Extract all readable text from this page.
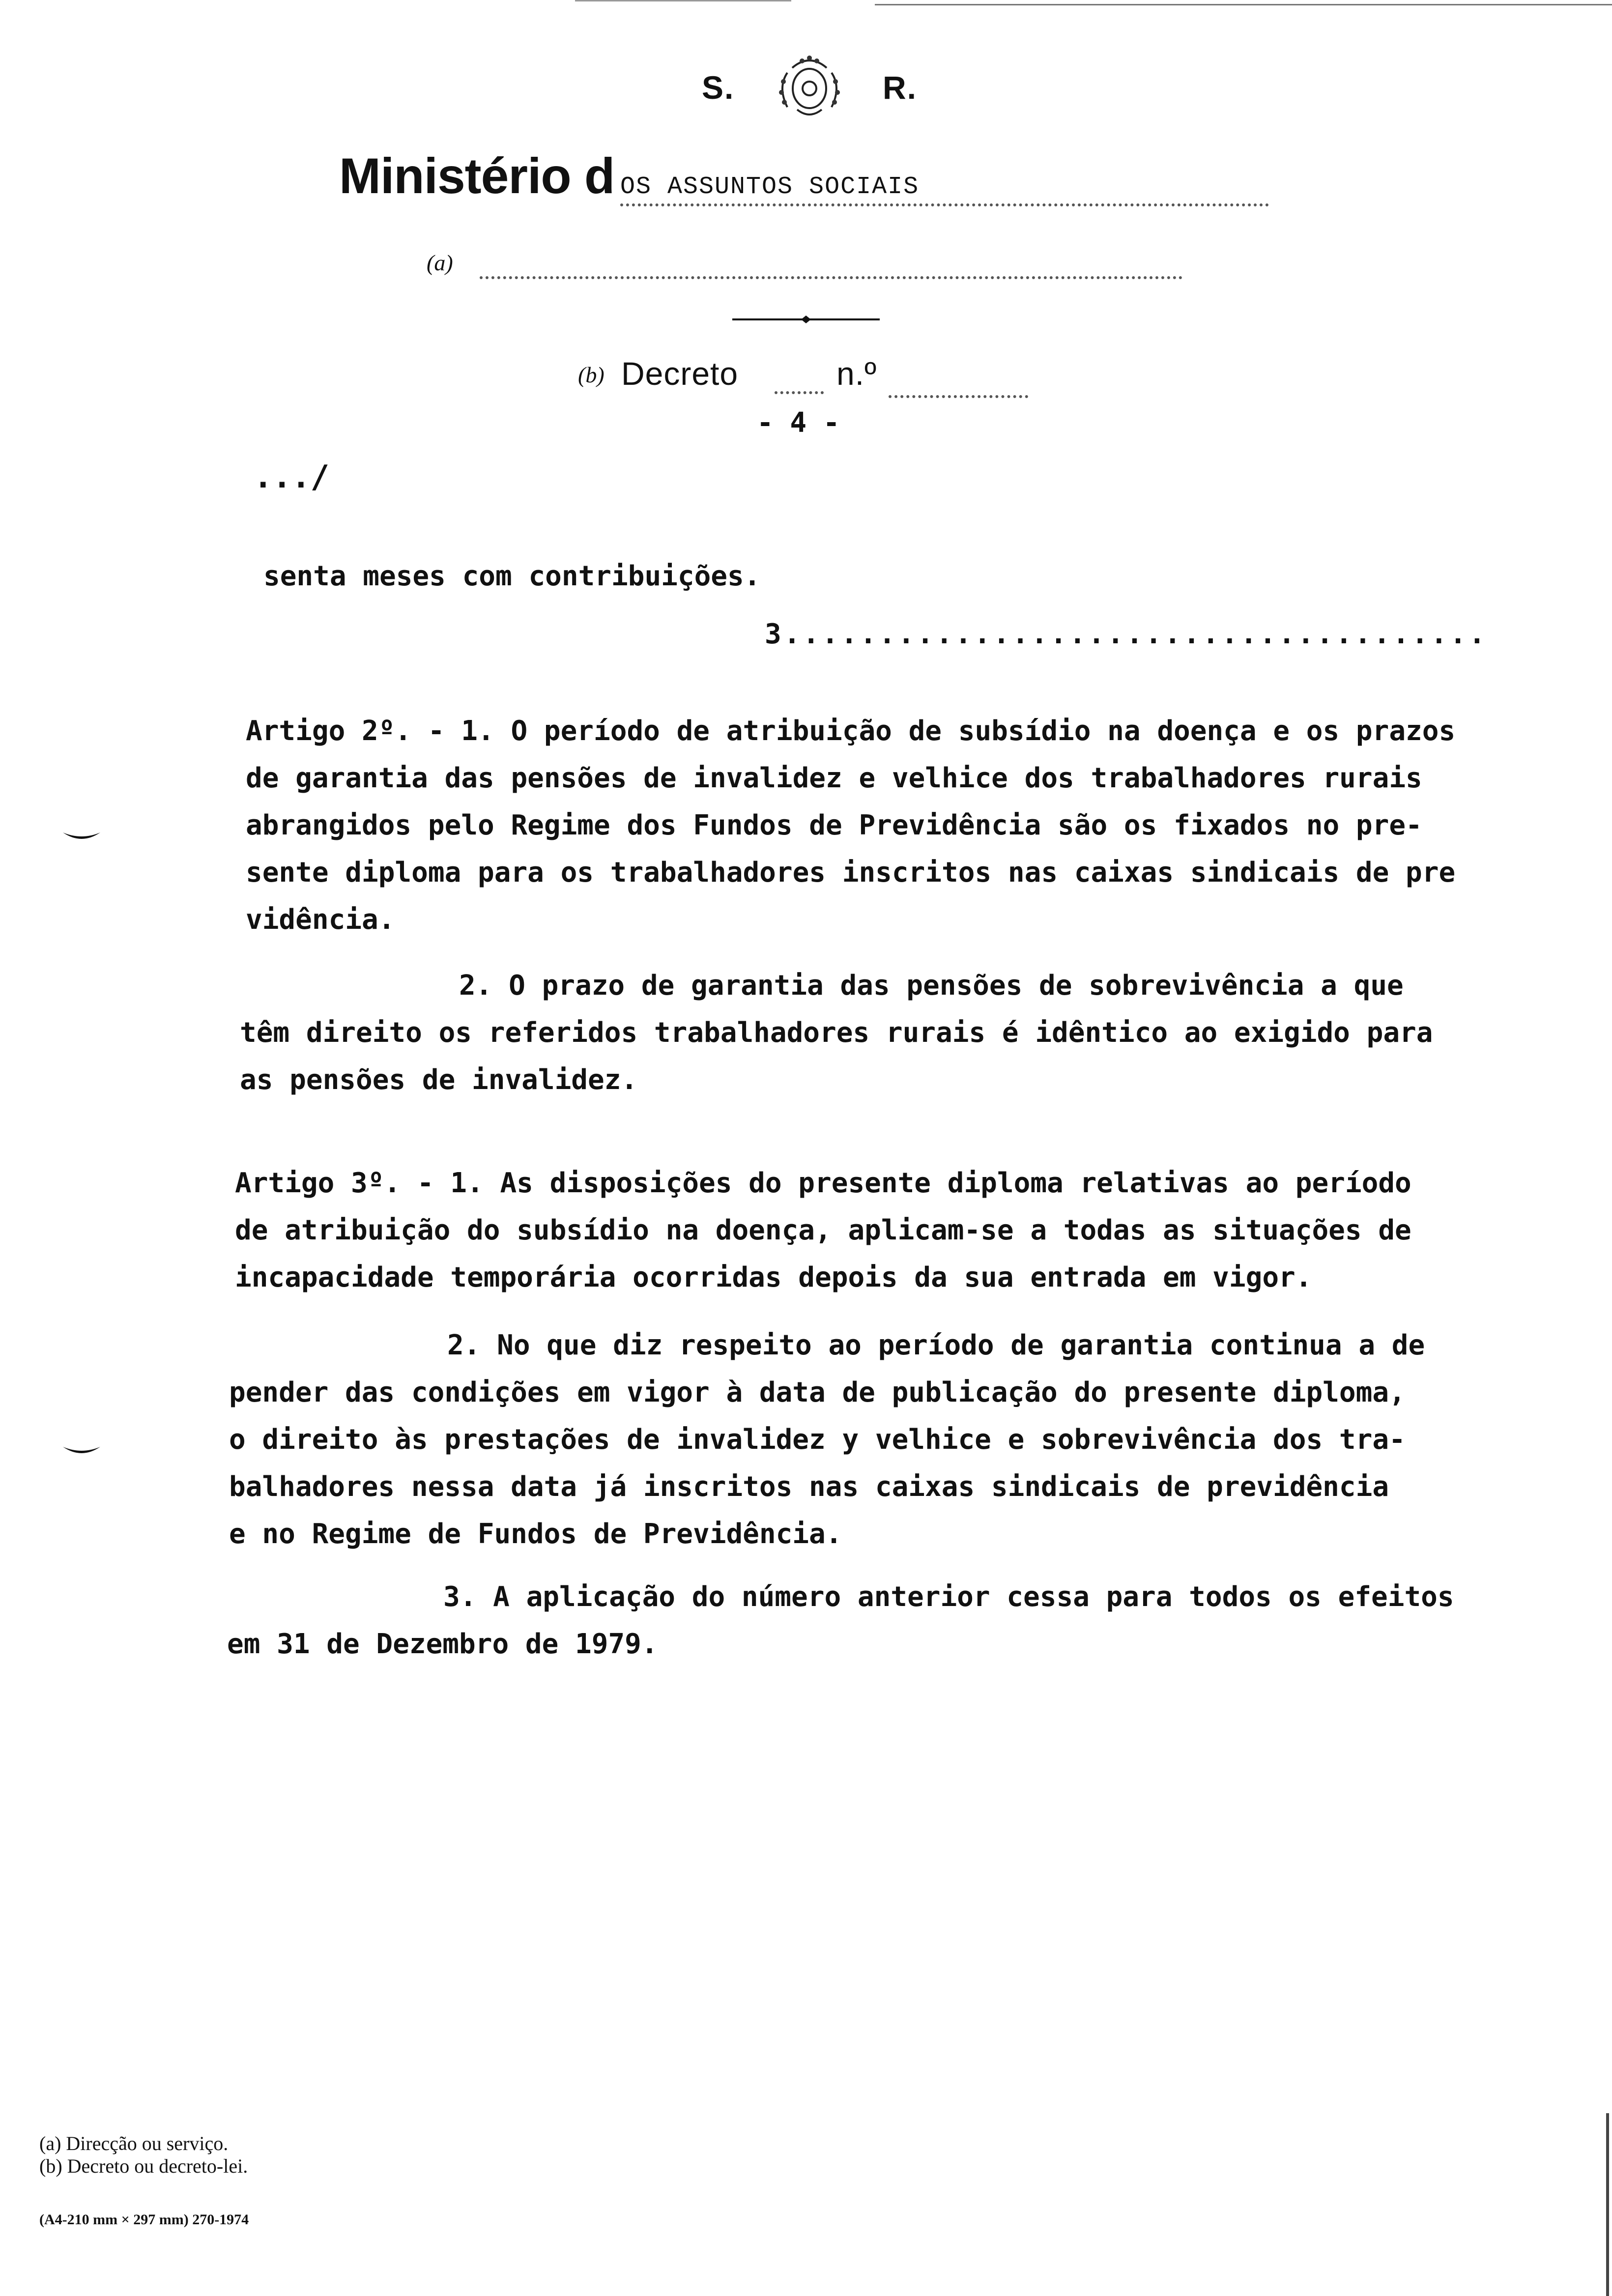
S.	R.
Ministério d OS ASSUNTOS SOCIAIS
(a)
(b) Decreto	n.º
- 4 -
.../
senta meses com contribuições.
3.....................................
Artigo 2º. - 1. O período de atribuição de subsídio na doença e os prazos
de garantia das pensões de invalidez e velhice dos trabalhadores rurais
abrangidos pelo Regime dos Fundos de Previdência são os fixados no pre-
sente diploma para os trabalhadores inscritos nas caixas sindicais de pre
vidência.
2. O prazo de garantia das pensões de sobrevivência a que
têm direito os referidos trabalhadores rurais é idêntico ao exigido para
as pensões de invalidez.
Artigo 3º. - 1. As disposições do presente diploma relativas ao período
de atribuição do subsídio na doença, aplicam-se a todas as situações de
incapacidade temporária ocorridas depois da sua entrada em vigor.
2. No que diz respeito ao período de garantia continua a de
pender das condições em vigor à data de publicação do presente diploma,
o direito às prestações de invalidez y velhice e sobrevivência dos tra-
balhadores nessa data já inscritos nas caixas sindicais de previdência
e no Regime de Fundos de Previdência.
3. A aplicação do número anterior cessa para todos os efeitos
em 31 de Dezembro de 1979.
(a) Direcção ou serviço.
(b) Decreto ou decreto-lei.
(A4-210 mm × 297 mm) 270-1974
